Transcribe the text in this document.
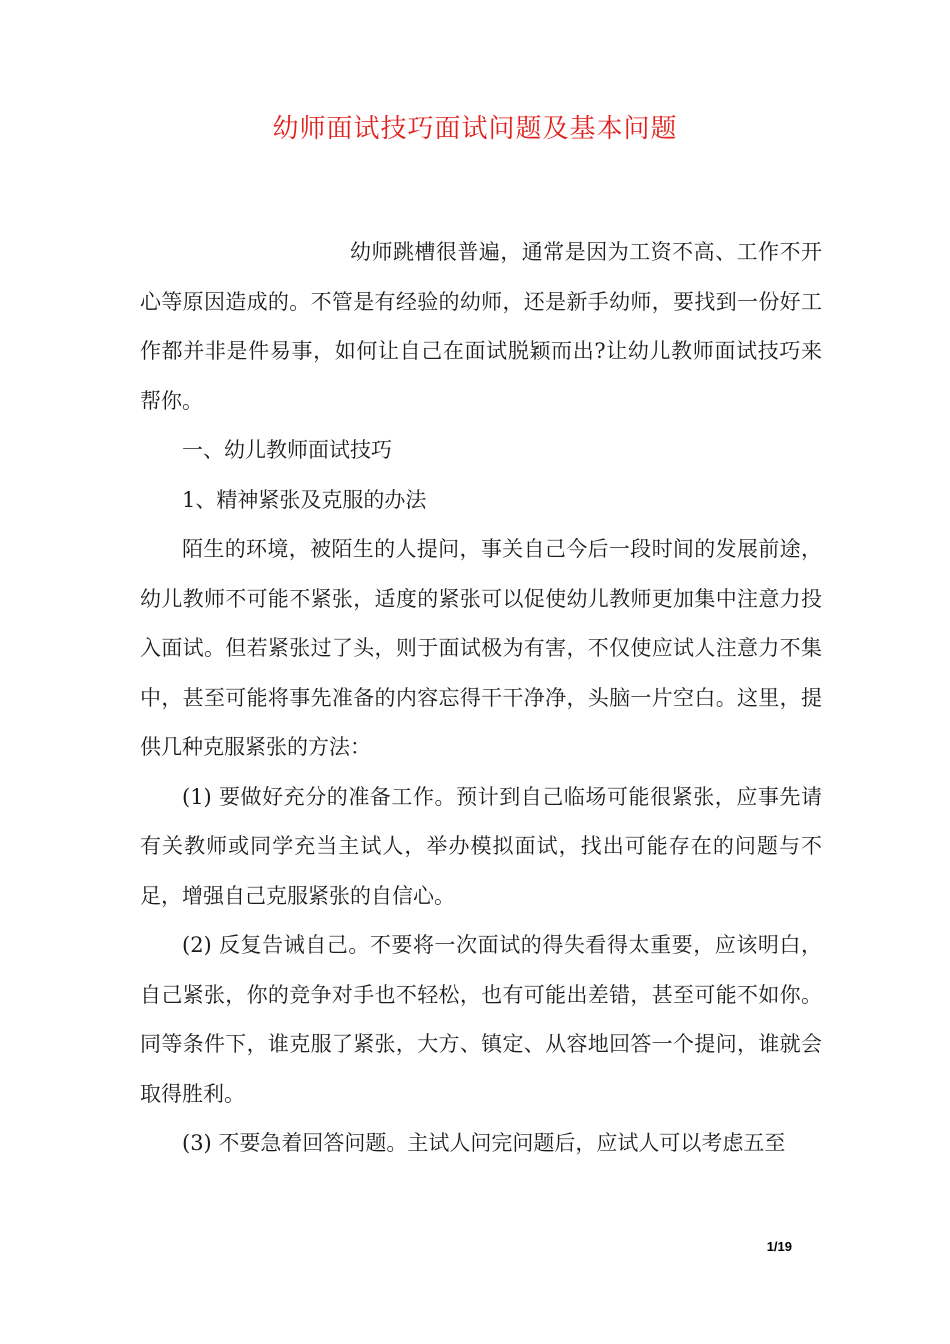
幼师面试技巧面试问题及基本问题

幼师跳槽很普遍，通常是因为工资不高、工作不开心等原因造成的。不管是有经验的幼师，还是新手幼师，要找到一份好工作都并非是件易事，如何让自己在面试脱颖而出?让幼儿教师面试技巧来帮你。

一、幼儿教师面试技巧

1、精神紧张及克服的办法

陌生的环境，被陌生的人提问，事关自己今后一段时间的发展前途，幼儿教师不可能不紧张，适度的紧张可以促使幼儿教师更加集中注意力投入面试。但若紧张过了头，则于面试极为有害，不仅使应试人注意力不集中，甚至可能将事先准备的内容忘得干干净净，头脑一片空白。这里，提供几种克服紧张的方法：

(1) 要做好充分的准备工作。预计到自己临场可能很紧张，应事先请有关教师或同学充当主试人，举办模拟面试，找出可能存在的问题与不足，增强自己克服紧张的自信心。

(2) 反复告诫自己。不要将一次面试的得失看得太重要，应该明白，自己紧张，你的竞争对手也不轻松，也有可能出差错，甚至可能不如你。同等条件下，谁克服了紧张，大方、镇定、从容地回答一个提问，谁就会取得胜利。

(3) 不要急着回答问题。主试人问完问题后，应试人可以考虑五至

1/19
